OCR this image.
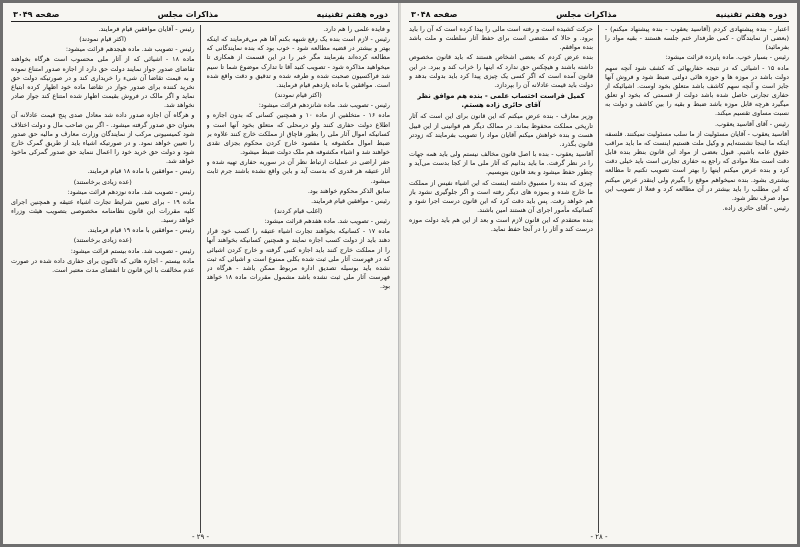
دوره هفتم تقنینیه
مذاکرات مجلس
صفحه ۳۰۴۹

و فایده علمی را هم دارد.

رئیس - لازم است بنده یک رفع شبهه بکنم آقا هم می‌فرمایند که اینکه بهتر و بیشتر در قضیه مطالعه شود - خوب بود که بنده نمایندگانی که مطالعه کرده‌اند بفرمایند مگر خبر را در این قسمت از همکاری تا میخواهید مذاکره شود - تصویب کنید آقا تا تدارک موضوع شما تا سیم شد فراکسیون صحبت شده و طرفه شده و تدقیق و دقت واقع شده است. موافقین با ماده یازدهم قیام فرمایند.

(اکثر قیام نمودند)

رئیس - تصویب شد. ماده شانزدهم قرائت میشود:

ماده ۱۶ - متخلفین از ماده ۱۰ و همچنین کسانی که بدون اجازه و اطلاع دولت حفاری کنند ولو درمحلی که متعلق بخود آنها است و کسانیکه اموال آثار ملی را بطور قاچاق از مملکت خارج کنند علاوه بر ضبط اموال مکشوفه یا مقصود خارج کردن محکوم بجزای نقدی خواهند شد و اشیاء مکشوفه هم ملک دولت ضبط میشود.

حفر اراضی در عملیات ارتباط نظر آن در سوریه حفاری تهیه شده و آثار عتیقه هر قدری که بدست آید و باین واقع نشده باشند جرم ثابت میشود.

سابق الذکر محکوم خواهند بود.

رئیس - موافقین قیام فرمایند.

(اغلب قیام کردند)

رئیس - تصویب شد. ماده هفدهم قرائت میشود:

ماده ۱۷ - کسانیکه بخواهند تجارت اشیاء عتیقه را کسب خود قرار دهند باید از دولت کسب اجازه نمایند و همچنین کسانیکه بخواهند آنها را از مملکت خارج کنند باید اجازه کتبی گرفته و خارج کردن اشیائی که در فهرست آثار ملی ثبت شده بکلی ممنوع است و اشیائی که ثبت نشده باید بوسیله تصدیق اداره مربوط ممکن باشد - هرگاه در فهرست آثار ملی ثبت نشده باشد مشمول مقررات ماده ۱۸ خواهد بود.

رئیس - آقایان موافقین قیام فرمایند.

(اکثر قیام نمودند)

رئیس - تصویب شد. ماده هیجدهم قرائت میشود:

ماده ۱۸ - اشیائی که از آثار ملی محسوب است هرگاه بخواهند تقاضای صدور جواز نمایند دولت حق دارد از اجازه صدور امتناع نموده و به قیمت تقاضا آن شیء را خریداری کند و در صورتیکه دولت حق نخرید کننده برای صدور جواز در تقاضا ماده خود اظهار کرده ابتیاع نماید و اگر مالک در فروش بقیمت اظهار شده امتناع کند جواز صادر نخواهد شد.

و هرگاه آن اجازه صدور داده شد معادل صدی پنج قیمت عادلانه آن بعنوان حق صدور گرفته میشود. - اگر بین صاحب مال و دولت اختلاف شود کمیسیونی مرکب از نمایندگان وزارت معارف و مالیه حق صدور را تعیین خواهد نمود. و در صورتیکه اشیاء باید از طریق گمرک خارج شود و دولت حق خرید خود را اعمال ننماید حق صدور گمرکی ماخوذ خواهد شد.

رئیس - موافقین با ماده ۱۸ قیام فرمایند.

(عده زیادی برخاستند)

رئیس - تصویب شد. ماده نوزدهم قرائت میشود:

ماده ۱۹ - برای تعیین شرایط تجارت اشیاء عتیقه و همچنین اجرای کلیه مقررات این قانون نظامنامه مخصوصی بتصویب هیئت وزراء خواهد رسید.

رئیس - موافقین با ماده ۱۹ قیام فرمایند.

(عده زیادی برخاستند)

رئیس - تصویب شد. ماده بیستم قرائت میشود:

ماده بیستم - اجازه هائی که تاکنون برای حفاری داده شده در صورت عدم مخالفت با این قانون تا انقضای مدت معتبر است.

- ۲۹ -
دوره هفتم تقنینیه
مذاکرات مجلس
صفحه ۳۰۴۸

اعتبار - بنده پیشنهادی کردم (آقاسید یعقوب - بنده پیشنهاد میکنم) - (بعضی از نمایندگان - کمی طرفدار ختم جلسه هستند - بقیه مواد را بفرمائید)

رئیس - بسیار خوب. ماده پانزده قرائت میشود:

ماده ۱۵ - اشیائی که در نتیجه حفاریهائی که کشف شود آنچه سهم دولت باشد در موزه ها و حوزه هائی دولتی ضبط شود و فروش آنها جایز است و آنچه سهم کاشف باشد متعلق بخود اوست. اشیائیکه از حفاری تجارتی حاصل شده باشد دولت از قسمتی که بخود او تعلق میگیرد هرچه قابل موزه باشد ضبط و بقیه را بین کاشف و دولت به نسبت مساوی تقسیم میکند.

رئیس - آقای آقاسید یعقوب.

آقاسید یعقوب - آقایان مسئولیت از ما سلب مسئولیت نمیکنند. فلسفه اینکه ما اینجا نشسته‌ایم و وکیل ملت هستیم اینست که ما باید مراقب حقوق عامه باشیم. قبول بعضی از مواد این قانون بنظر بنده قابل دقت است مثلا موادی که راجع به حفاری تجارتی است باید خیلی دقت کرد و بنده عرض میکنم اینها را بهتر است تصویب نکنیم تا مطالعه بیشتری بشود. بنده نمیخواهم موقع را بگیرم ولی اینقدر عرض میکنم که این مطلب را باید بیشتر در آن مطالعه کرد و فعلا از تصویب این مواد صرف نظر شود.

رئیس - آقای حائری زاده.

حرکت کشیده است و رفته است مالی را پیدا کرده است که آن را باید برود. و حالا که مقتضی است برای حفظ آثار سلطنت و ملت باشد بنده موافقم.

بنده عرض کردم که بعضی اشخاص هستند که باید قانون مخصوص داشته باشند و هیچکس حق ندارد که اینها را خراب کند و ببرد. در این قانون آمده است که اگر کسی یک چیزی پیدا کرد باید بدولت بدهد و دولت باید قیمت عادلانه آن را بپردازد.

کمیل فراست اختساب علمی - بنده هم موافق نظر آقای حائری زاده هستم.

وزیر معارف - بنده عرض میکنم که این قانون برای این است که آثار تاریخی مملکت محفوظ بماند. در ممالک دیگر هم قوانینی از این قبیل هست و بنده خواهش میکنم آقایان مواد را تصویب بفرمایند که زودتر قانون بگذرد.

آقاسید یعقوب - بنده با اصل قانون مخالف نیستم ولی باید همه جهات را در نظر گرفت. ما باید بدانیم که آثار ملی ما از کجا بدست می‌آید و چطور حفظ میشود و بعد قانون بنویسیم.

چیزی که بنده را مسبوق داشته اینست که این اشیاء نفیس از مملکت ما خارج شده و بموزه های دیگر رفته است و اگر جلوگیری نشود باز هم خواهد رفت. پس باید دقت کرد که این قانون درست اجرا شود و کسانیکه مأمور اجرای آن هستند امین باشند.

بنده معتقدم که این قانون لازم است و بعد از این هم باید دولت موزه درست کند و آثار را در آنجا حفظ نماید.

- ۲۸ -
